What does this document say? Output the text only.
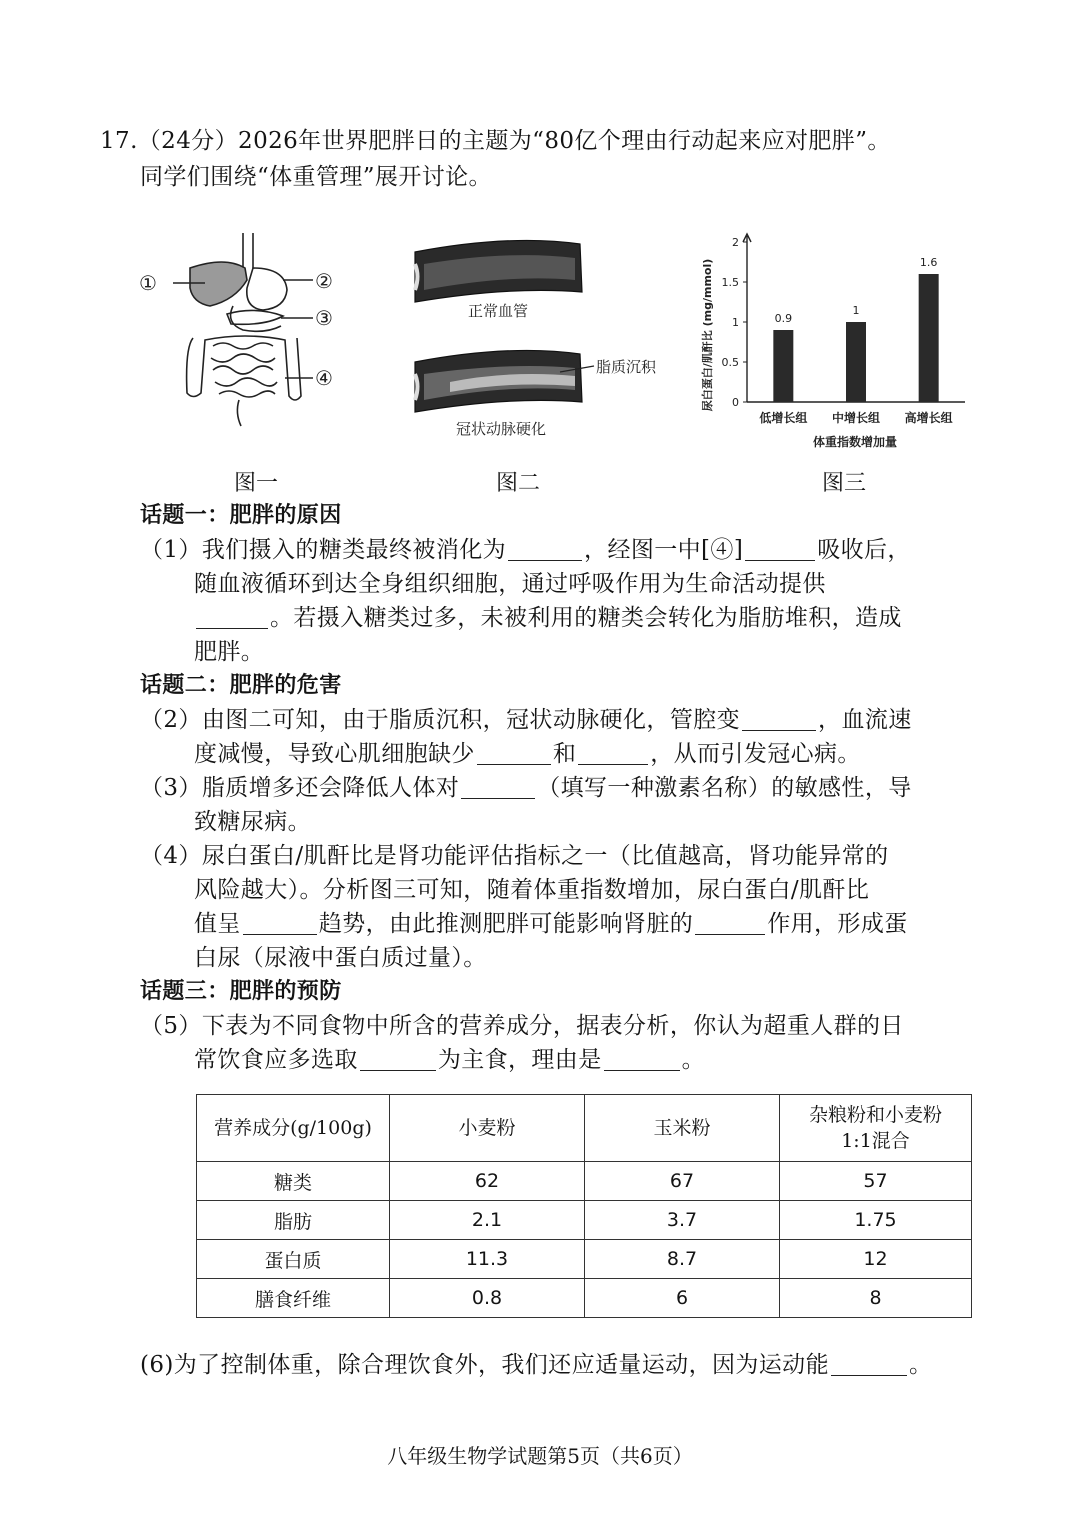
17.（24分）2026年世界肥胖日的主题为“80亿个理由行动起来应对肥胖”。
同学们围绕“体重管理”展开讨论。
①	②
③
④
正常血管
脂质沉积
冠状动脉硬化
0
0.5
1
1.5
2
0.9
1
1.6
低增长组 中增长组 高增长组
尿白蛋白/肌酐比 (mg/mmol)
体重指数增加量
图一	图二	图三
话题一：肥胖的原因
（1）我们摄入的糖类最终被消化为	，经图一中[④]	吸收后，
随血液循环到达全身组织细胞，通过呼吸作用为生命活动提供
。若摄入糖类过多，未被利用的糖类会转化为脂肪堆积，造成
肥胖。
话题二：肥胖的危害
（2）由图二可知，由于脂质沉积，冠状动脉硬化，管腔变	，血流速
度减慢，导致心肌细胞缺少	和	，从而引发冠心病。
（3）脂质增多还会降低人体对	（填写一种激素名称）的敏感性，导
致糖尿病。
（4）尿白蛋白/肌酐比是肾功能评估指标之一（比值越高，肾功能异常的
风险越大）。分析图三可知，随着体重指数增加，尿白蛋白/肌酐比
值呈	趋势，由此推测肥胖可能影响肾脏的	作用，形成蛋
白尿（尿液中蛋白质过量）。
话题三：肥胖的预防
（5）下表为不同食物中所含的营养成分，据表分析，你认为超重人群的日
常饮食应多选取	为主食，理由是	。
营养成分(g/100g)	小麦粉	玉米粉	杂粮粉和小麦粉
1:1混合
糖类	62	67	57
脂肪	2.1	3.7	1.75
蛋白质	11.3	8.7	12
膳食纤维	0.8	6	8
(6)为了控制体重，除合理饮食外，我们还应适量运动，因为运动能	。
八年级生物学试题第5页（共6页）
